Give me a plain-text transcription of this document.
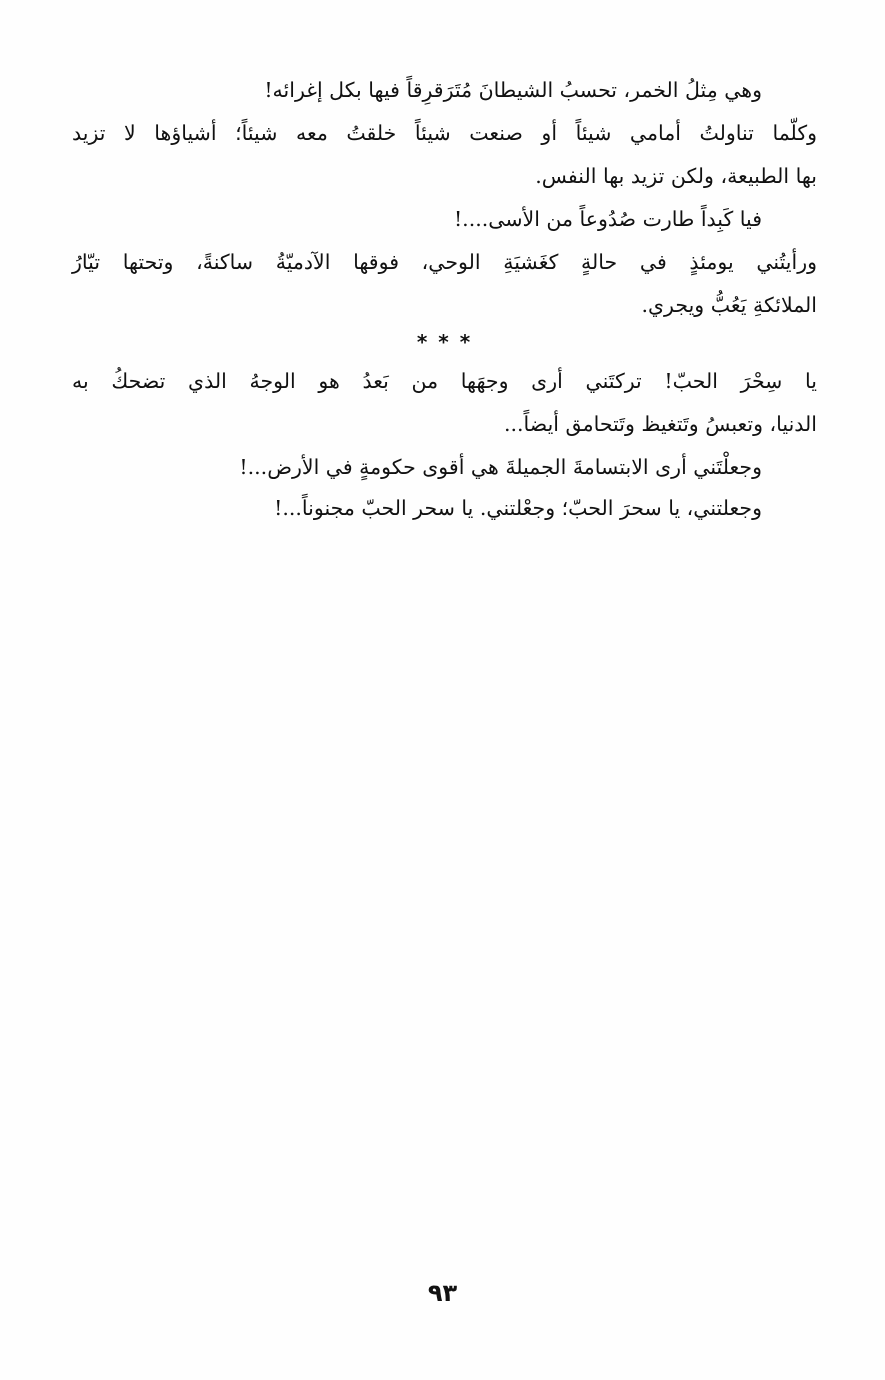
وهي مِثلُ الخمر، تحسبُ الشيطانَ مُتَرَقرِقاً فيها بكل إغرائه!
وكلّما تناولتُ أمامي شيئاً أو صنعت شيئاً خلقتُ معه شيئاً؛ أشياؤها لا تزيد
بها الطبيعة، ولكن تزيد بها النفس.
فيا كَبِداً طارت صُدُوعاً من الأسى....!
ورأيتُني يومئذٍ في حالةٍ كغَشيَةِ الوحي، فوقها الآدميّةُ ساكنةً، وتحتها تيّارُ
الملائكةِ يَعُبُّ ويجري.
* * *
يا سِحْرَ الحبّ! تركتَني أرى وجهَها من بَعدُ هو الوجهُ الذي تضحكُ به
الدنيا، وتعبسُ وتَتغيظ وتَتحامق أيضاً...
وجعلْتَني أرى الابتسامةَ الجميلةَ هي أقوى حكومةٍ في الأرض...!
وجعلتني، يا سحرَ الحبّ؛ وجعْلتني. يا سحر الحبّ مجنوناً...!
٩٣
